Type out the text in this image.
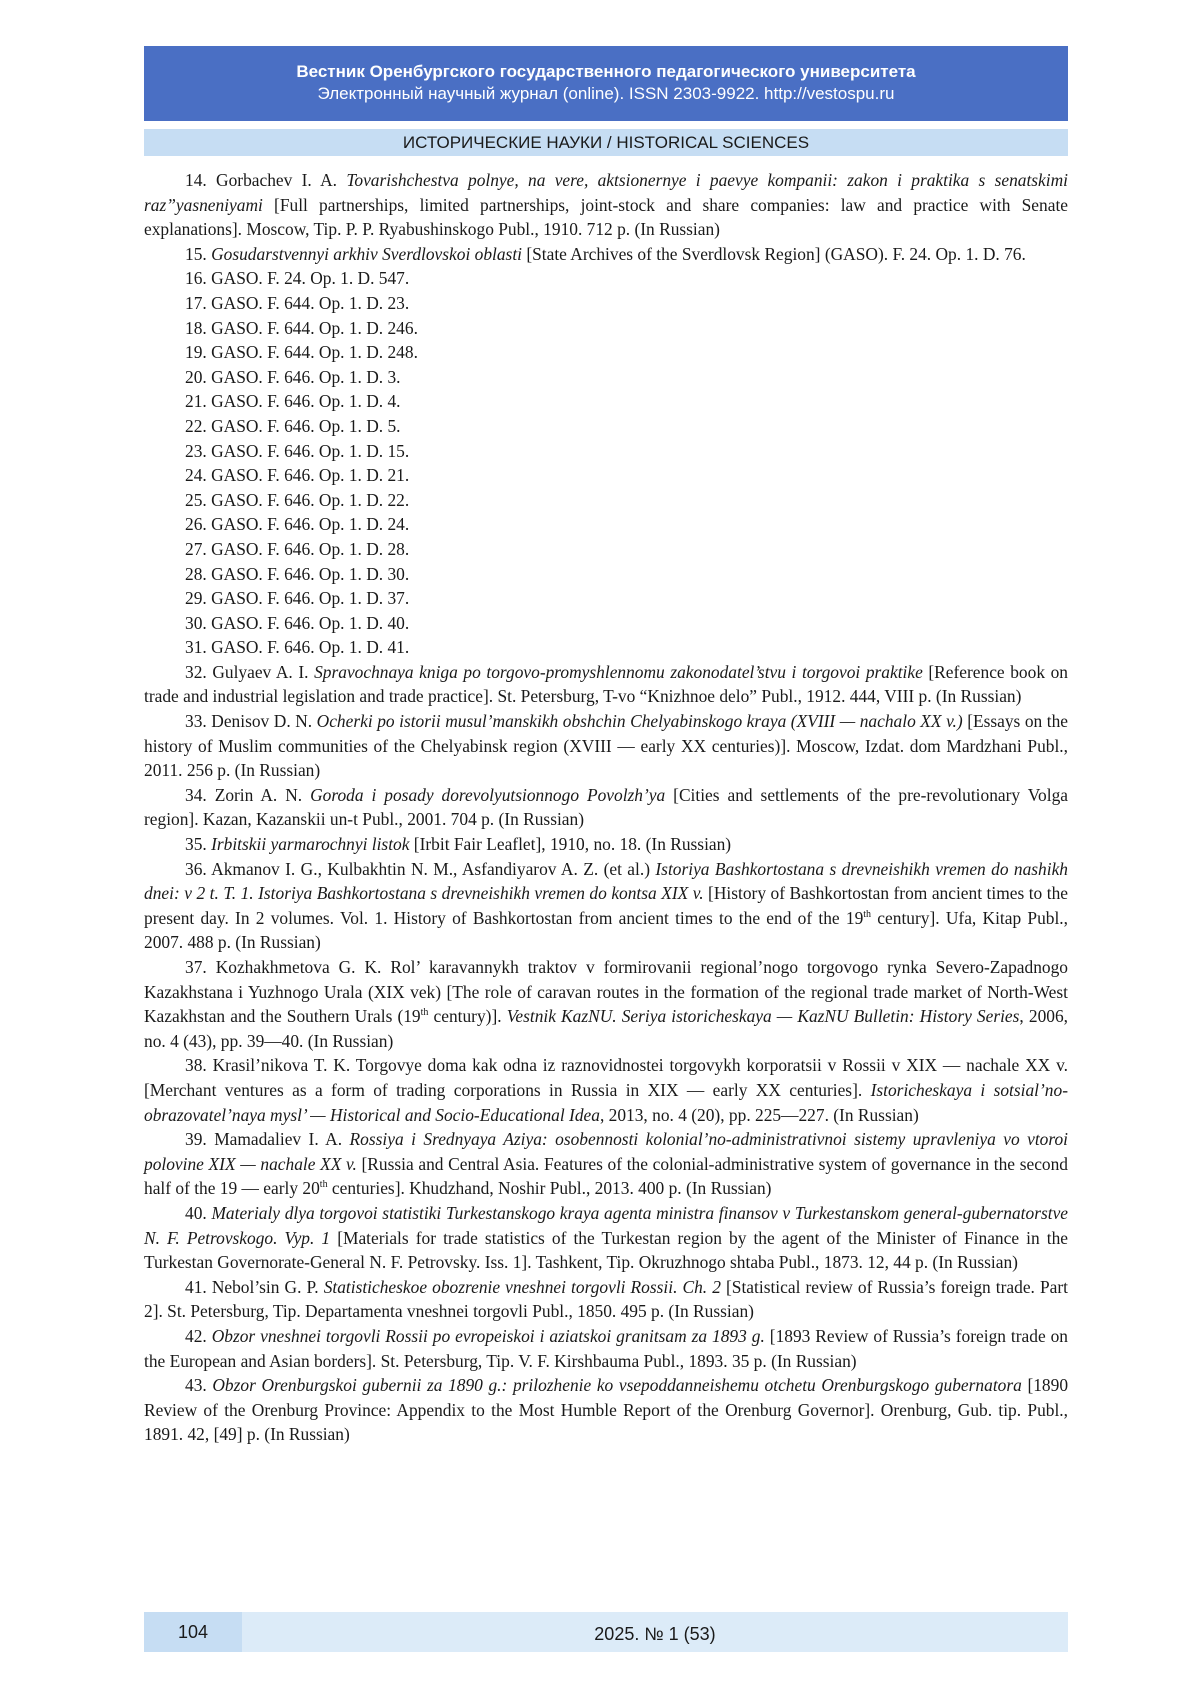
Вестник Оренбургского государственного педагогического университета
Электронный научный журнал (online). ISSN 2303-9922. http://vestospu.ru
ИСТОРИЧЕСКИЕ НАУКИ / HISTORICAL SCIENCES

14. Gorbachev I. A. Tovarishchestva polnye, na vere, aktsionernye i paevye kompanii: zakon i praktika s senatskimi raz”yasneniyami [Full partnerships, limited partnerships, joint-stock and share companies: law and practice with Senate explanations]. Moscow, Tip. P. P. Ryabushinskogo Publ., 1910. 712 p. (In Russian)

15. Gosudarstvennyi arkhiv Sverdlovskoi oblasti [State Archives of the Sverdlovsk Region] (GASO). F. 24. Op. 1. D. 76.

16. GASO. F. 24. Op. 1. D. 547.

17. GASO. F. 644. Op. 1. D. 23.

18. GASO. F. 644. Op. 1. D. 246.

19. GASO. F. 644. Op. 1. D. 248.

20. GASO. F. 646. Op. 1. D. 3.

21. GASO. F. 646. Op. 1. D. 4.

22. GASO. F. 646. Op. 1. D. 5.

23. GASO. F. 646. Op. 1. D. 15.

24. GASO. F. 646. Op. 1. D. 21.

25. GASO. F. 646. Op. 1. D. 22.

26. GASO. F. 646. Op. 1. D. 24.

27. GASO. F. 646. Op. 1. D. 28.

28. GASO. F. 646. Op. 1. D. 30.

29. GASO. F. 646. Op. 1. D. 37.

30. GASO. F. 646. Op. 1. D. 40.

31. GASO. F. 646. Op. 1. D. 41.

32. Gulyaev A. I. Spravochnaya kniga po torgovo-promyshlennomu zakonodatel’stvu i torgovoi praktike [Reference book on trade and industrial legislation and trade practice]. St. Petersburg, T-vo “Knizhnoe delo” Publ., 1912. 444, VIII p. (In Russian)

33. Denisov D. N. Ocherki po istorii musul’manskikh obshchin Chelyabinskogo kraya (XVIII — nachalo XX v.) [Essays on the history of Muslim communities of the Chelyabinsk region (XVIII — early XX centuries)]. Moscow, Izdat. dom Mardzhani Publ., 2011. 256 p. (In Russian)

34. Zorin A. N. Goroda i posady dorevolyutsionnogo Povolzh’ya [Cities and settlements of the pre-revolutionary Volga region]. Kazan, Kazanskii un-t Publ., 2001. 704 p. (In Russian)

35. Irbitskii yarmarochnyi listok [Irbit Fair Leaflet], 1910, no. 18. (In Russian)

36. Akmanov I. G., Kulbakhtin N. M., Asfandiyarov A. Z. (et al.) Istoriya Bashkortostana s drevneishikh vremen do nashikh dnei: v 2 t. T. 1. Istoriya Bashkortostana s drevneishikh vremen do kontsa XIX v. [History of Bashkortostan from ancient times to the present day. In 2 volumes. Vol. 1. History of Bashkortostan from ancient times to the end of the 19th century]. Ufa, Kitap Publ., 2007. 488 p. (In Russian)

37. Kozhakhmetova G. K. Rol’ karavannykh traktov v formirovanii regional’nogo torgovogo rynka Severo-Zapadnogo Kazakhstana i Yuzhnogo Urala (XIX vek) [The role of caravan routes in the formation of the regional trade market of North-West Kazakhstan and the Southern Urals (19th century)]. Vestnik KazNU. Seriya istoricheskaya — KazNU Bulletin: History Series, 2006, no. 4 (43), pp. 39—40. (In Russian)

38. Krasil’nikova T. K. Torgovye doma kak odna iz raznovidnostei torgovykh korporatsii v Rossii v XIX — nachale XX v. [Merchant ventures as a form of trading corporations in Russia in XIX — early XX centuries]. Istoricheskaya i sotsial’no-obrazovatel’naya mysl’ — Historical and Socio-Educational Idea, 2013, no. 4 (20), pp. 225—227. (In Russian)

39. Mamadaliev I. A. Rossiya i Srednyaya Aziya: osobennosti kolonial’no-administrativnoi sistemy upravleniya vo vtoroi polovine XIX — nachale XX v. [Russia and Central Asia. Features of the colonial-administrative system of governance in the second half of the 19 — early 20th centuries]. Khudzhand, Noshir Publ., 2013. 400 p. (In Russian)

40. Materialy dlya torgovoi statistiki Turkestanskogo kraya agenta ministra finansov v Turkestanskom general-gubernatorstve N. F. Petrovskogo. Vyp. 1 [Materials for trade statistics of the Turkestan region by the agent of the Minister of Finance in the Turkestan Governorate-General N. F. Petrovsky. Iss. 1]. Tashkent, Tip. Okruzhnogo shtaba Publ., 1873. 12, 44 p. (In Russian)

41. Nebol’sin G. P. Statisticheskoe obozrenie vneshnei torgovli Rossii. Ch. 2 [Statistical review of Russia’s foreign trade. Part 2]. St. Petersburg, Tip. Departamenta vneshnei torgovli Publ., 1850. 495 p. (In Russian)

42. Obzor vneshnei torgovli Rossii po evropeiskoi i aziatskoi granitsam za 1893 g. [1893 Review of Russia’s foreign trade on the European and Asian borders]. St. Petersburg, Tip. V. F. Kirshbauma Publ., 1893. 35 p. (In Russian)

43. Obzor Orenburgskoi gubernii za 1890 g.: prilozhenie ko vsepoddanneishemu otchetu Orenburgskogo gubernatora [1890 Review of the Orenburg Province: Appendix to the Most Humble Report of the Orenburg Governor]. Orenburg, Gub. tip. Publ., 1891. 42, [49] p. (In Russian)

104	2025. № 1 (53)
